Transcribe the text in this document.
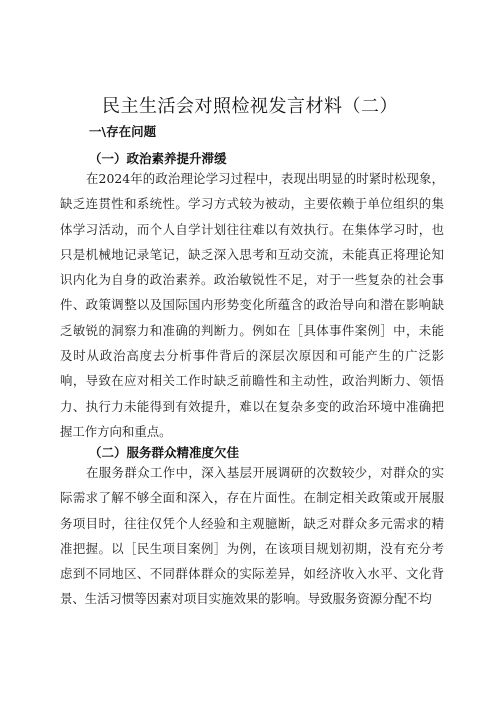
民主生活会对照检视发言材料（二）
一\存在问题
（一）政治素养提升滞缓

在2024年的政治理论学习过程中，表现出明显的时紧时松现象，缺乏连贯性和系统性。学习方式较为被动，主要依赖于单位组织的集体学习活动，而个人自学计划往往难以有效执行。在集体学习时，也只是机械地记录笔记，缺乏深入思考和互动交流，未能真正将理论知识内化为自身的政治素养。政治敏锐性不足，对于一些复杂的社会事件、政策调整以及国际国内形势变化所蕴含的政治导向和潜在影响缺乏敏锐的洞察力和准确的判断力。例如在［具体事件案例］中，未能及时从政治高度去分析事件背后的深层次原因和可能产生的广泛影响，导致在应对相关工作时缺乏前瞻性和主动性，政治判断力、领悟力、执行力未能得到有效提升，难以在复杂多变的政治环境中准确把握工作方向和重点。

（二）服务群众精准度欠佳

在服务群众工作中，深入基层开展调研的次数较少，对群众的实际需求了解不够全面和深入，存在片面性。在制定相关政策或开展服务项目时，往往仅凭个人经验和主观臆断，缺乏对群众多元需求的精准把握。以［民生项目案例］为例，在该项目规划初期，没有充分考虑到不同地区、不同群体群众的实际差异，如经济收入水平、文化背景、生活习惯等因素对项目实施效果的影响。导致服务资源分配不均
